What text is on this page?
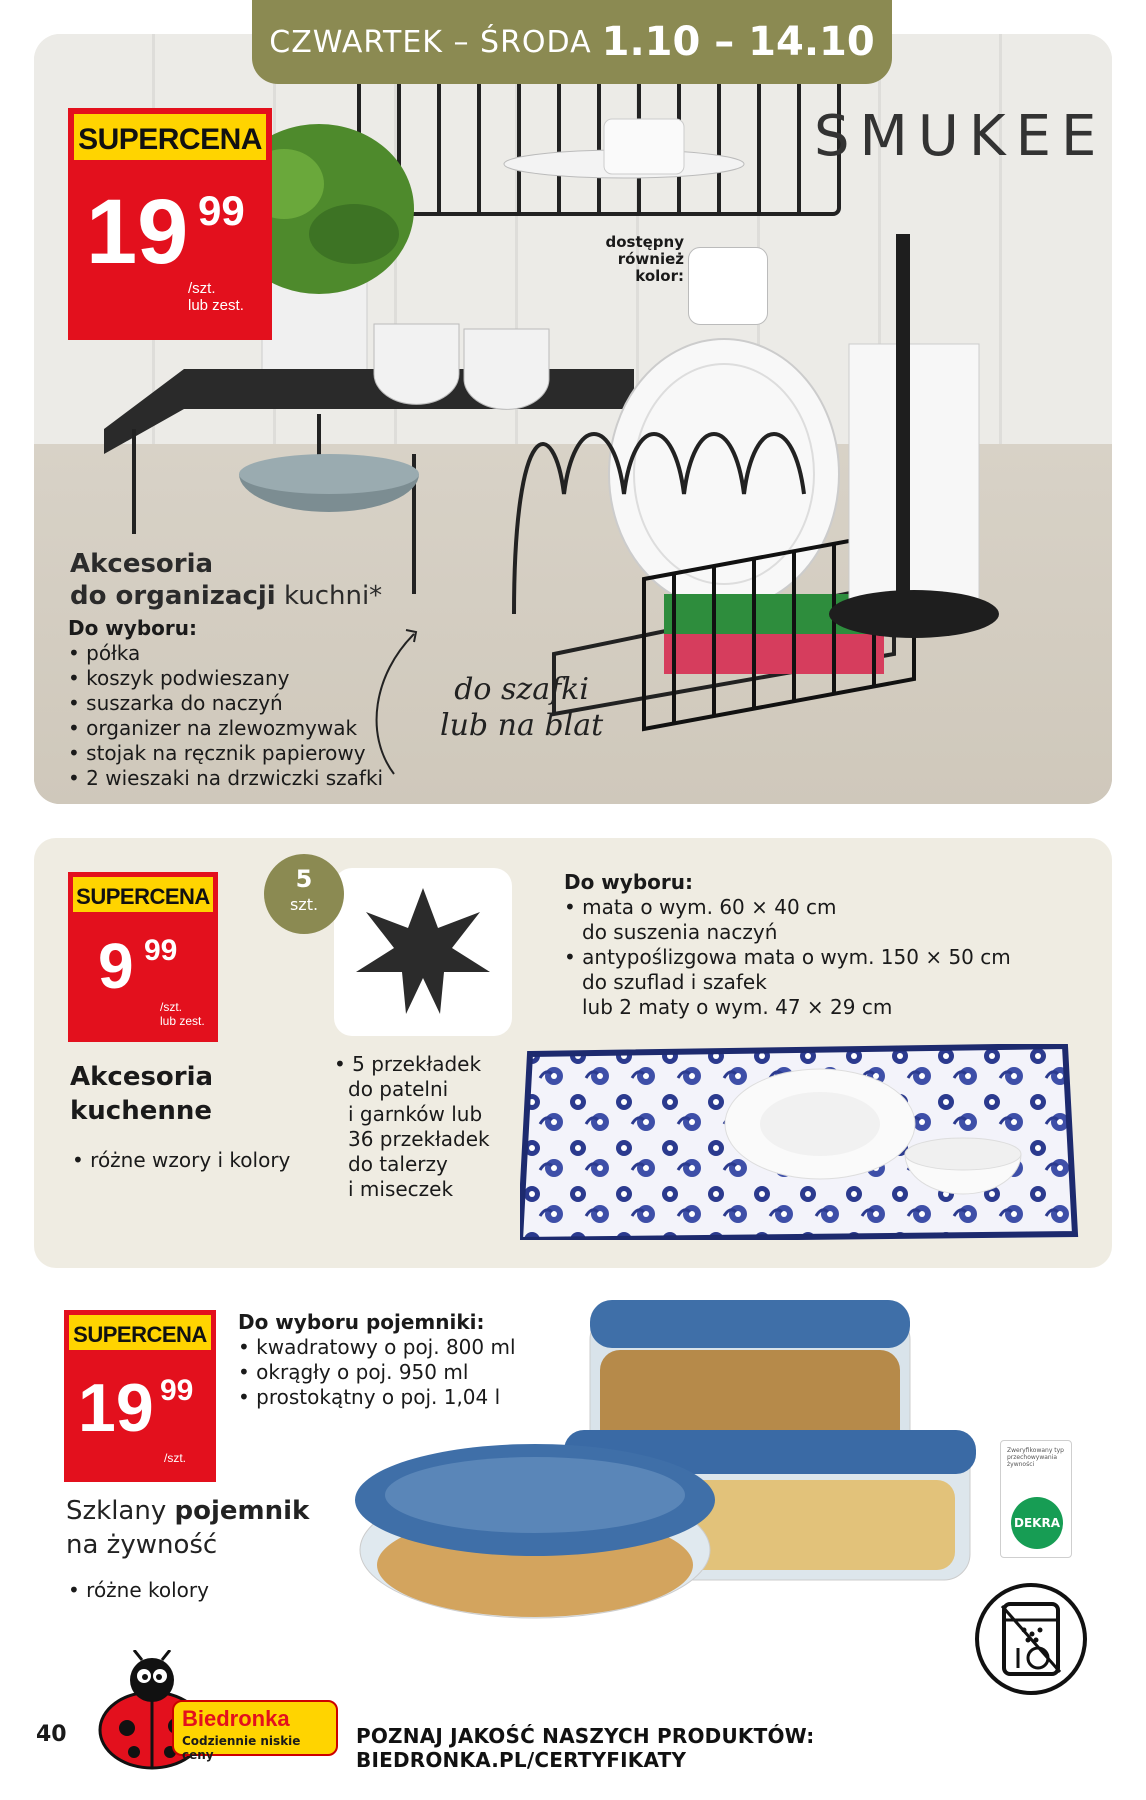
CZWARTEK – ŚRODA 1.10 – 14.10
SMUKEE
dostępny również kolor:
SUPERCENA
19 99
/szt.
lub zest.
Akcesoria
do organizacji kuchni*
Do wyboru:
• półka
• koszyk podwieszany
• suszarka do naczyń
• organizer na zlewozmywak
• stojak na ręcznik papierowy
• 2 wieszaki na drzwiczki szafki
do szafki
lub na blat
SUPERCENA
9 99
/szt.
lub zest.
5
szt.
Akcesoria
kuchenne
• różne wzory i kolory
• 5 przekładek
do patelni
i garnków lub
36 przekładek
do talerzy
i miseczek
Do wyboru:
• mata o wym. 60 × 40 cm
do suszenia naczyń
• antypoślizgowa mata o wym. 150 × 50 cm
do szuflad i szafek
lub 2 maty o wym. 47 × 29 cm
SUPERCENA
19 99
/szt.
Do wyboru pojemniki:
• kwadratowy o poj. 800 ml
• okrągły o poj. 950 ml
• prostokątny o poj. 1,04 l
Szklany pojemnik
na żywność
• różne kolory
Zweryfikowany typ przechowywania żywności
DEKRA
40
Biedronka
Codziennie niskie ceny
POZNAJ JAKOŚĆ NASZYCH PRODUKTÓW: BIEDRONKA.PL/CERTYFIKATY
